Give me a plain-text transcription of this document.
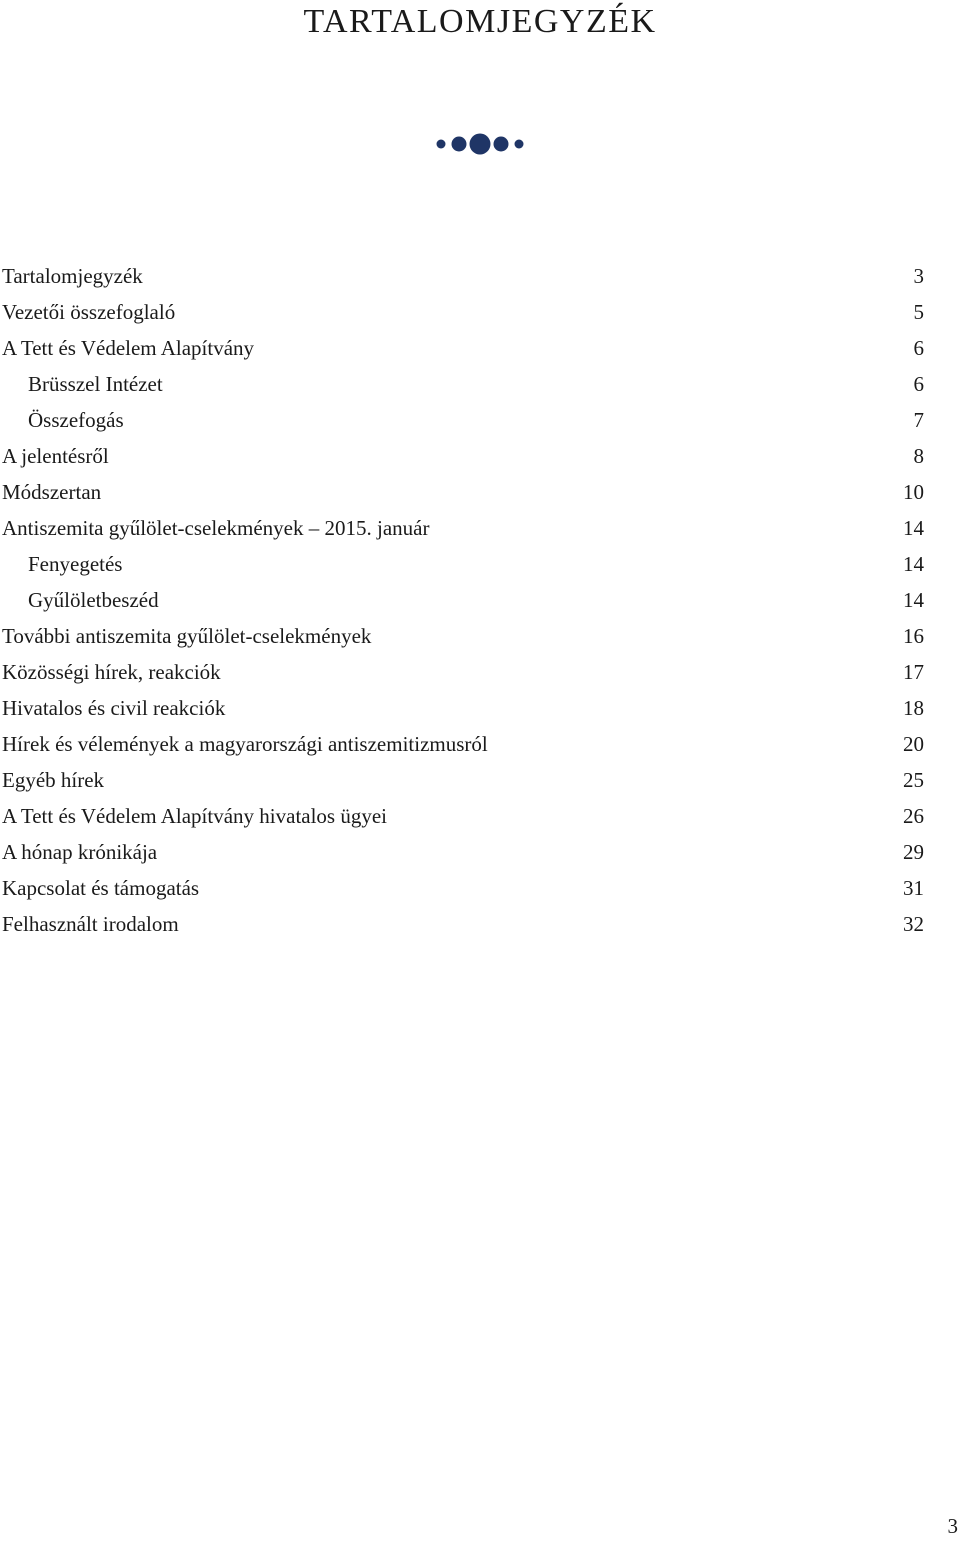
TARTALOMJEGYZÉK
Tartalomjegyzék	3
Vezetői összefoglaló	5
A Tett és Védelem Alapítvány	6
Brüsszel Intézet	6
Összefogás	7
A jelentésről	8
Módszertan	10
Antiszemita gyűlölet-cselekmények – 2015. január	14
Fenyegetés	14
Gyűlöletbeszéd	14
További antiszemita gyűlölet-cselekmények	16
Közösségi hírek, reakciók	17
Hivatalos és civil reakciók	18
Hírek és vélemények a magyarországi antiszemitizmusról	20
Egyéb hírek	25
A Tett és Védelem Alapítvány hivatalos ügyei	26
A hónap krónikája	29
Kapcsolat és támogatás	31
Felhasznált irodalom	32
3
